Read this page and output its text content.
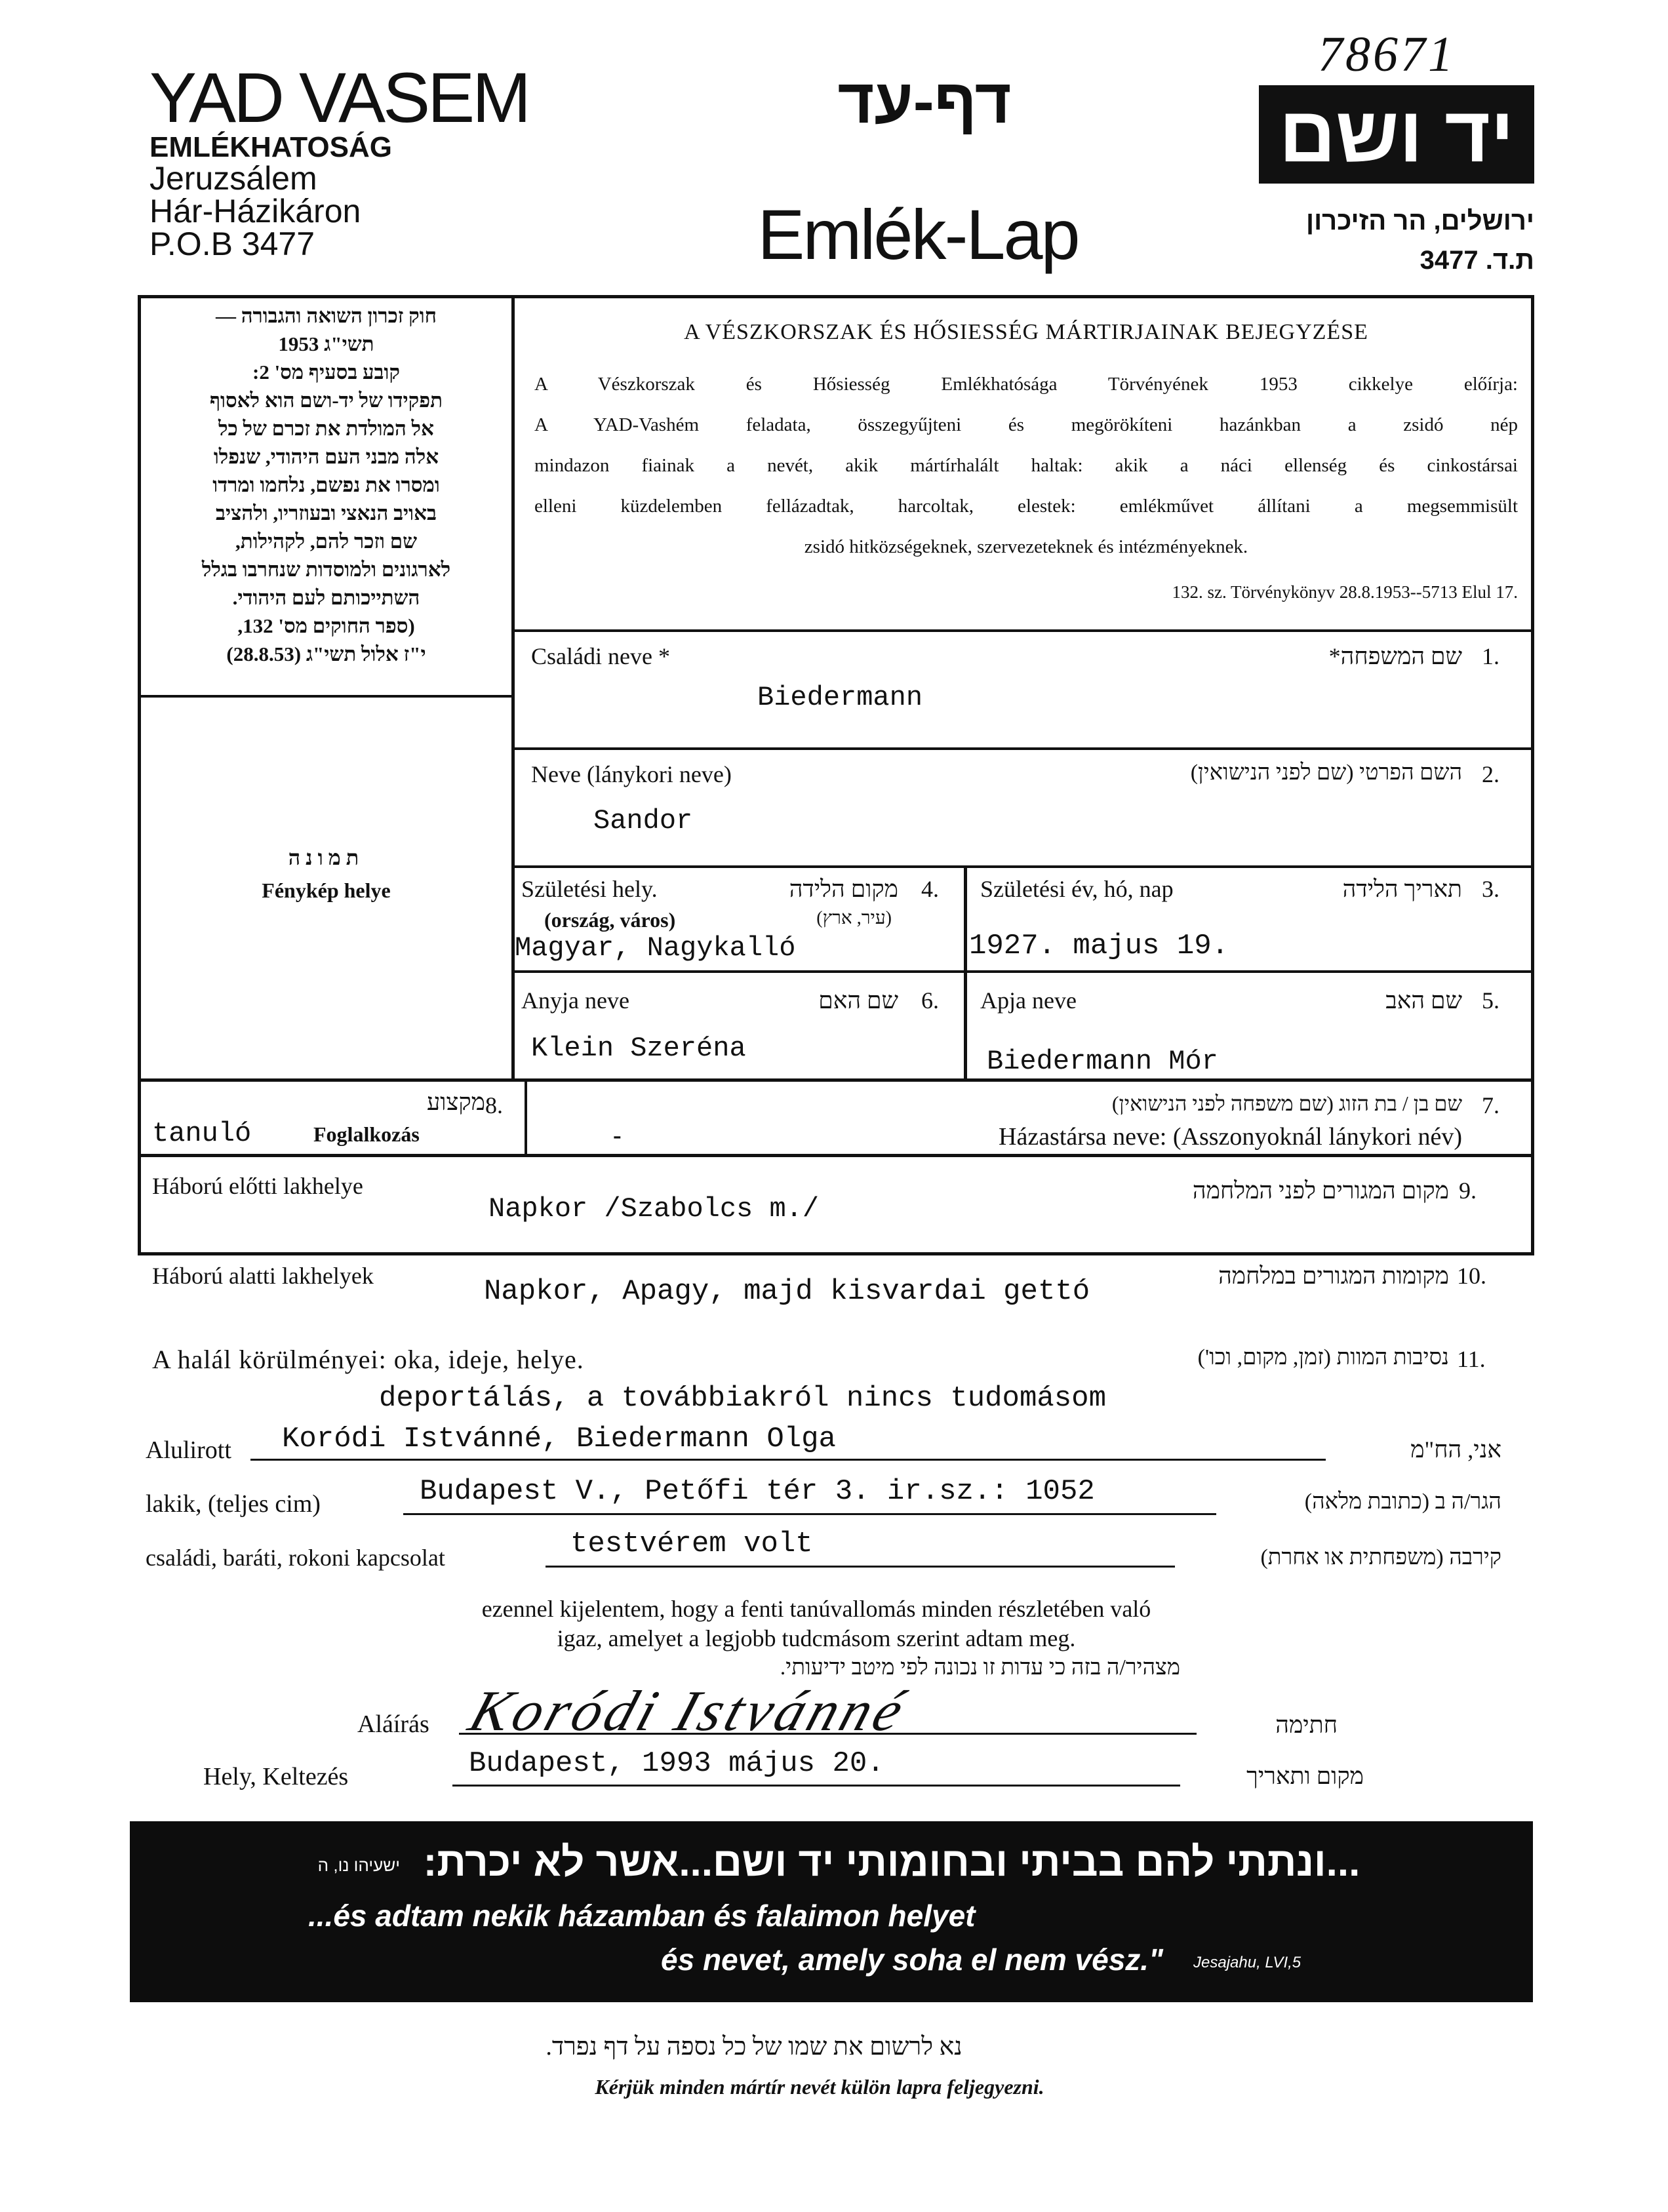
78671
YAD VASEM
EMLÉKHATOSÁG
Jeruzsálem
Hár-Házikáron
P.O.B 3477
דף-עד
Emlék-Lap
יד ושם
ירושלים, הר הזיכרון
ת.ד. 3477
חוק זכרון השואה והגבורה —
תשי"ג 1953
קובע בסעיף מס' 2:
תפקידו של יד-ושם הוא לאסוף
אל המולדת את זכרם של כל
אלה מבני העם היהודי, שנפלו
ומסרו את נפשם, נלחמו ומרדו
באויב הנאצי ובעוזריו, ולהציב
שם וזכר להם, לקהילות,
לארגונים ולמוסדות שנחרבו בגלל
השתייכותם לעם היהודי.
(ספר החוקים מס' 132,
י"ז אלול תשי"ג (28.8.53)
A VÉSZKORSZAK ÉS HŐSIESSÉG MÁRTIRJAINAK BEJEGYZÉSE
A Vészkorszak és Hősiesség Emlékhatósága Törvényének 1953 cikkelye előírja:
A YAD-Vashém feladata, összegyűjteni és megörökíteni hazánkban a zsidó nép
mindazon fiainak a nevét, akik mártírhalált haltak: akik a náci ellenség és cinkostársai
elleni küzdelemben fellázadtak, harcoltak, elestek: emlékművet állítani a megsemmisült
zsidó hitközségeknek, szervezeteknek és intézményeknek.
132. sz. Törvénykönyv 28.8.1953--5713 Elul 17.
תמונה
Fénykép helye
Családi neve *	שם המשפחה* 1.
Biedermann
Neve (lánykori neve)	השם הפרטי (שם לפני הנישואין) 2.
Sandor
Születési hely.	מקום הלידה 4.
(ország, város)	(עיר, ארץ)
Magyar, Nagykalló
Születési év, hó, nap	תאריך הלידה 3.
1927. majus 19.
Anyja neve	שם האם 6.
Klein Szeréna
Apja neve	שם האב 5.
Biedermann Mór
מקצוע 8.
tanuló	Foglalkozás
שם בן / בת הזוג (שם משפחה לפני הנישואין) 7.
-	Házastársa neve: (Asszonyoknál lánykori név)
Háború előtti lakhelye
Napkor /Szabolcs m./
מקום המגורים לפני המלחמה 9.
Háború alatti lakhelyek	Napkor, Apagy, majd kisvardai gettó	מקומות המגורים במלחמה 10.
A halál körülményei: oka, ideje, helye.	נסיבות המוות (זמן, מקום, וכו') 11.
deportálás, a továbbiakról nincs tudomásom
Alulirott Koródi Istvánné, Biedermann Olga	אני, הח"מ
lakik, (teljes cim)	Budapest V., Petőfi tér 3. ir.sz.: 1052	הגר/ה ב (כתובת מלאה)
családi, baráti, rokoni kapcsolat	testvérem volt	קירבה (משפחתית או אחרת)
ezennel kijelentem, hogy a fenti tanúvallomás minden részletében való
igaz, amelyet a legjobb tudcmásom szerint adtam meg.
מצהיר/ה בזה כי עדות זו נכונה לפי מיטב ידיעותי.
Aláírás Koródi Istvánné	חתימה
Hely, Keltezés	Budapest, 1993 május 20.	מקום ותאריך
...ונתתי להם בביתי ובחומותי יד ושם...אשר לא יכרת:
ישעיהו נו, ה
...és adtam nekik házamban és falaimon helyet
és nevet, amely soha el nem vész." Jesajahu, LVI,5
נא לרשום את שמו של כל נספה על דף נפרד.
Kérjük minden mártír nevét külön lapra feljegyezni.
